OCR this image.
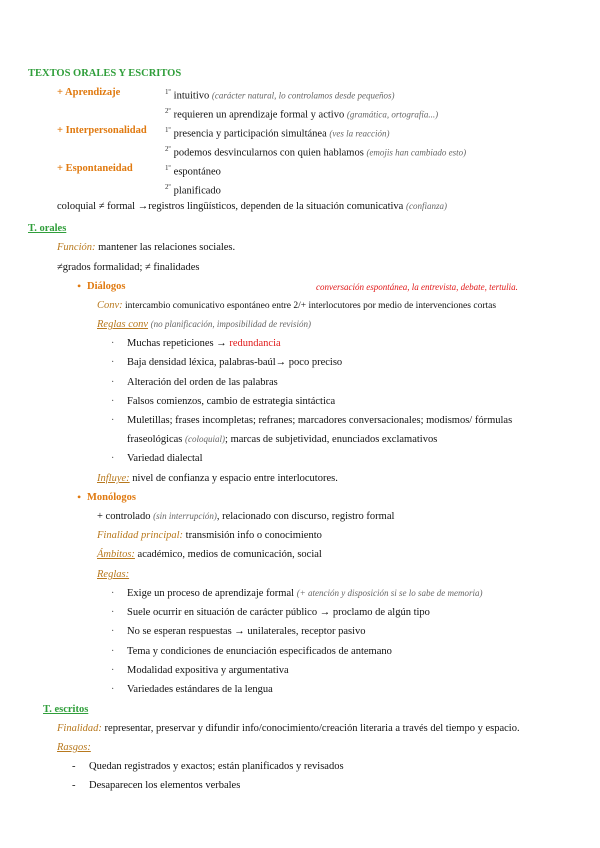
TEXTOS ORALES Y ESCRITOS
+ Aprendizaje	$^{1º}$ intuitivo (carácter natural, lo controlamos desde pequeños)
$^{2º}$ requieren un aprendizaje formal y activo (gramática, ortografía...)
+ Interpersonalidad	$^{1º}$ presencia y participación simultánea (ves la reacción)
$^{2º}$ podemos desvincularnos con quien hablamos (emojis han cambiado esto)
+ Espontaneidad	$^{1º}$ espontáneo
$^{2º}$ planificado
coloquial ≠ formal →registros lingüísticos, dependen de la situación comunicativa (confianza)
T. orales
Función: mantener las relaciones sociales.
≠grados formalidad; ≠ finalidades
• Diálogos	conversación espontánea, la entrevista, debate, tertulia.
Conv: intercambio comunicativo espontáneo entre 2/+ interlocutores por medio de intervenciones cortas
Reglas conv (no planificación, imposibilidad de revisión)
· Muchas repeticiones → redundancia
· Baja densidad léxica, palabras-baúl→ poco preciso
· Alteración del orden de las palabras
· Falsos comienzos, cambio de estrategia sintáctica
· Muletillas; frases incompletas; refranes; marcadores conversacionales; modismos/ fórmulas
fraseológicas (coloquial); marcas de subjetividad, enunciados exclamativos
· Variedad dialectal
Influye: nivel de confianza y espacio entre interlocutores.
• Monólogos
+ controlado (sin interrupción), relacionado con discurso, registro formal
Finalidad principal: transmisión info o conocimiento
Ámbitos: académico, medios de comunicación, social
Reglas:
· Exige un proceso de aprendizaje formal (+ atención y disposición si se lo sabe de memoria)
· Suele ocurrir en situación de carácter público → proclamo de algún tipo
· No se esperan respuestas → unilaterales, receptor pasivo
· Tema y condiciones de enunciación especificados de antemano
· Modalidad expositiva y argumentativa
· Variedades estándares de la lengua
T. escritos
Finalidad: representar, preservar y difundir info/conocimiento/creación literaria a través del tiempo y espacio.
Rasgos:
- Quedan registrados y exactos; están planificados y revisados
- Desaparecen los elementos verbales
